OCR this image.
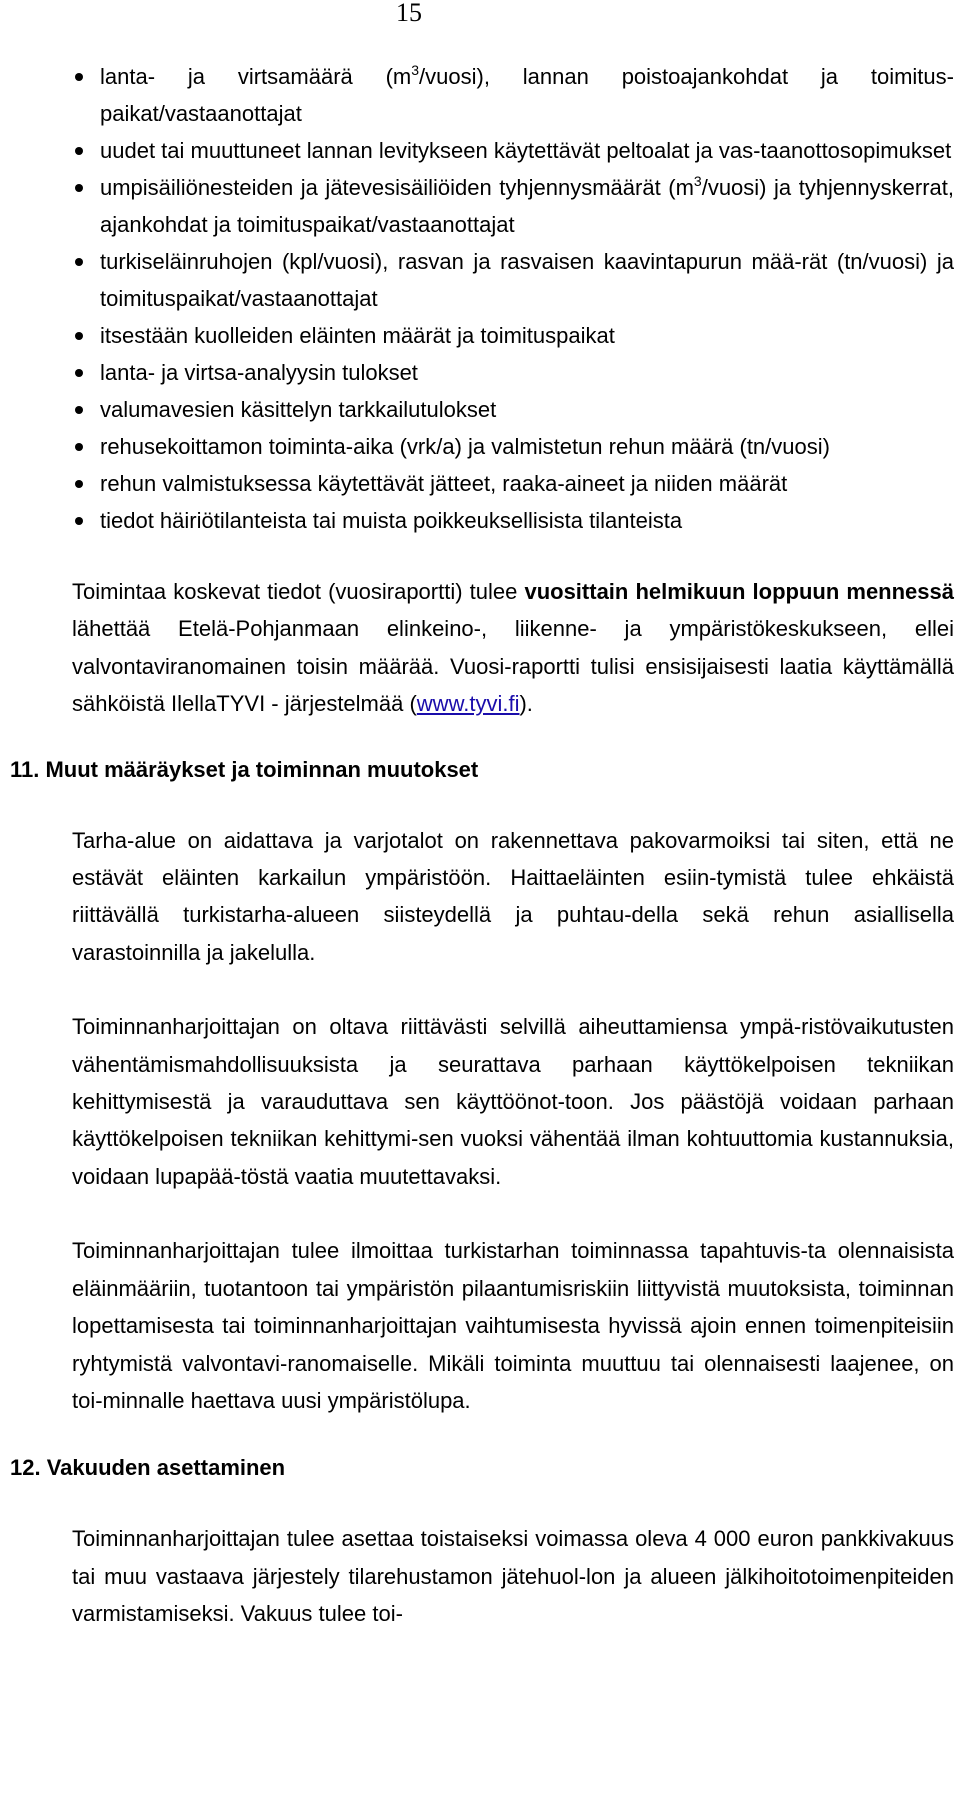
15
lanta- ja virtsamäärä $(m^3/vuosi)$, lannan poistoajankohdat ja toimitus-paikat/vastaanottajat
uudet tai muuttuneet lannan levitykseen käytettävät peltoalat ja vas-taanottosopimukset
umpisäiliönesteiden ja jätevesisäiliöiden tyhjennysmäärät $(m^3/vuosi)$ ja tyhjennyskerrat, ajankohdat ja toimituspaikat/vastaanottajat
turkiseläinruhojen (kpl/vuosi), rasvan ja rasvaisen kaavintapurun mää-rät (tn/vuosi) ja toimituspaikat/vastaanottajat
itsestään kuolleiden eläinten määrät ja toimituspaikat
lanta- ja virtsa-analyysin tulokset
valumavesien käsittelyn tarkkailutulokset
rehusekoittamon toiminta-aika (vrk/a) ja valmistetun rehun määrä (tn/vuosi)
rehun valmistuksessa käytettävät jätteet, raaka-aineet ja niiden määrät
tiedot häiriötilanteista tai muista poikkeuksellisista tilanteista

Toimintaa koskevat tiedot (vuosiraportti) tulee vuosittain helmikuun loppuun mennessä lähettää Etelä-Pohjanmaan elinkeino-, liikenne- ja ympäristökeskukseen, ellei valvontaviranomainen toisin määrää. Vuosi-raportti tulisi ensisijaisesti laatia käyttämällä sähköistä IlellaTYVI - järjestelmää (www.tyvi.fi).

11. Muut määräykset ja toiminnan muutokset

Tarha-alue on aidattava ja varjotalot on rakennettava pakovarmoiksi tai siten, että ne estävät eläinten karkailun ympäristöön. Haittaeläinten esiin-tymistä tulee ehkäistä riittävällä turkistarha-alueen siisteydellä ja puhtau-della sekä rehun asiallisella varastoinnilla ja jakelulla.

Toiminnanharjoittajan on oltava riittävästi selvillä aiheuttamiensa ympä-ristövaikutusten vähentämismahdollisuuksista ja seurattava parhaan käyttökelpoisen tekniikan kehittymisestä ja varauduttava sen käyttöönot-toon. Jos päästöjä voidaan parhaan käyttökelpoisen tekniikan kehittymi-sen vuoksi vähentää ilman kohtuuttomia kustannuksia, voidaan lupapää-töstä vaatia muutettavaksi.

Toiminnanharjoittajan tulee ilmoittaa turkistarhan toiminnassa tapahtuvis-ta olennaisista eläinmääriin, tuotantoon tai ympäristön pilaantumisriskiin liittyvistä muutoksista, toiminnan lopettamisesta tai toiminnanharjoittajan vaihtumisesta hyvissä ajoin ennen toimenpiteisiin ryhtymistä valvontavi-ranomaiselle. Mikäli toiminta muuttuu tai olennaisesti laajenee, on toi-minnalle haettava uusi ympäristölupa.

12. Vakuuden asettaminen

Toiminnanharjoittajan tulee asettaa toistaiseksi voimassa oleva 4 000 euron pankkivakuus tai muu vastaava järjestely tilarehustamon jätehuol-lon ja alueen jälkihoitotoimenpiteiden varmistamiseksi. Vakuus tulee toi-
